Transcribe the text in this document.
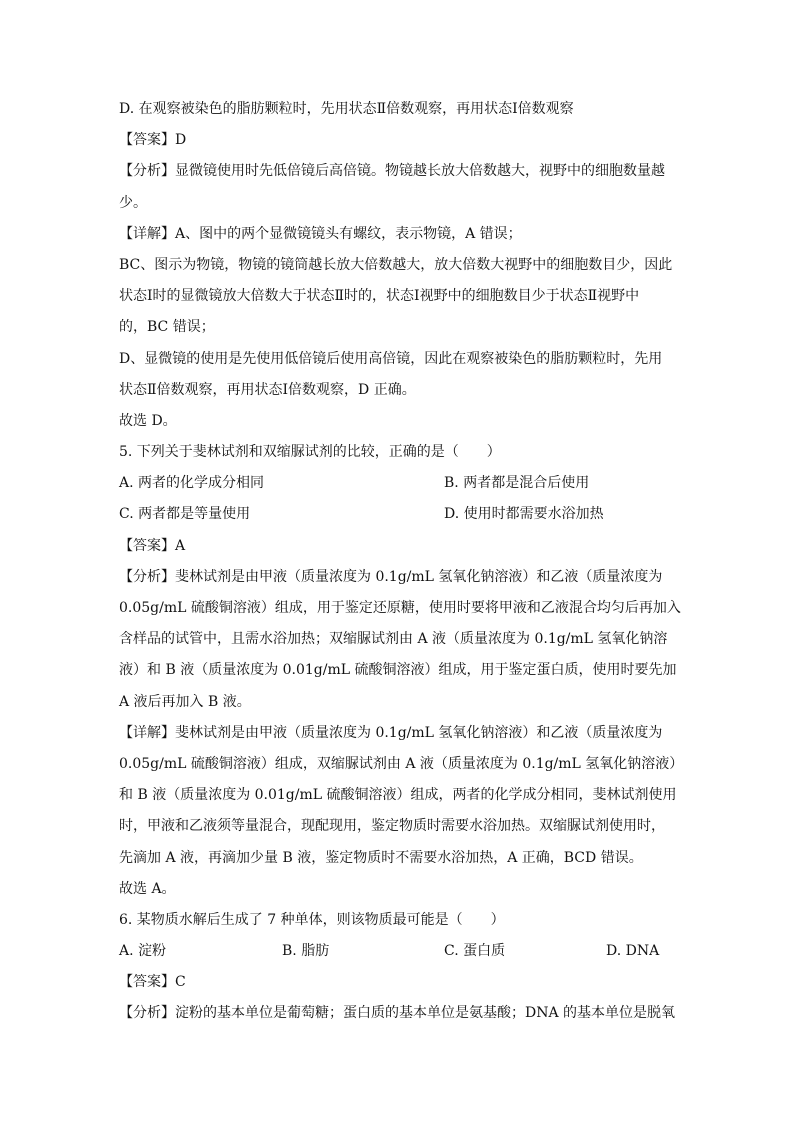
D. 在观察被染色的脂肪颗粒时，先用状态Ⅱ倍数观察，再用状态Ⅰ倍数观察
【答案】D
【分析】显微镜使用时先低倍镜后高倍镜。物镜越长放大倍数越大，视野中的细胞数量越
少。
【详解】A、图中的两个显微镜镜头有螺纹，表示物镜，A 错误；
BC、图示为物镜，物镜的镜筒越长放大倍数越大，放大倍数大视野中的细胞数目少，因此
状态Ⅰ时的显微镜放大倍数大于状态Ⅱ时的，状态Ⅰ视野中的细胞数目少于状态Ⅱ视野中
的，BC 错误；
D、显微镜的使用是先使用低倍镜后使用高倍镜，因此在观察被染色的脂肪颗粒时，先用
状态Ⅱ倍数观察，再用状态Ⅰ倍数观察，D 正确。
故选 D。
5. 下列关于斐林试剂和双缩脲试剂的比较，正确的是（　　）
A. 两者的化学成分相同	B. 两者都是混合后使用
C. 两者都是等量使用	D. 使用时都需要水浴加热
【答案】A
【分析】斐林试剂是由甲液（质量浓度为 0.1g/mL 氢氧化钠溶液）和乙液（质量浓度为
0.05g/mL 硫酸铜溶液）组成，用于鉴定还原糖，使用时要将甲液和乙液混合均匀后再加入
含样品的试管中，且需水浴加热；双缩脲试剂由 A 液（质量浓度为 0.1g/mL 氢氧化钠溶
液）和 B 液（质量浓度为 0.01g/mL 硫酸铜溶液）组成，用于鉴定蛋白质，使用时要先加
A 液后再加入 B 液。
【详解】斐林试剂是由甲液（质量浓度为 0.1g/mL 氢氧化钠溶液）和乙液（质量浓度为
0.05g/mL 硫酸铜溶液）组成，双缩脲试剂由 A 液（质量浓度为 0.1g/mL 氢氧化钠溶液）
和 B 液（质量浓度为 0.01g/mL 硫酸铜溶液）组成，两者的化学成分相同，斐林试剂使用
时，甲液和乙液须等量混合，现配现用，鉴定物质时需要水浴加热。双缩脲试剂使用时，
先滴加 A 液，再滴加少量 B 液，鉴定物质时不需要水浴加热，A 正确，BCD 错误。
故选 A。
6. 某物质水解后生成了 7 种单体，则该物质最可能是（　　）
A. 淀粉	B. 脂肪	C. 蛋白质	D. DNA
【答案】C
【分析】淀粉的基本单位是葡萄糖；蛋白质的基本单位是氨基酸；DNA 的基本单位是脱氧
